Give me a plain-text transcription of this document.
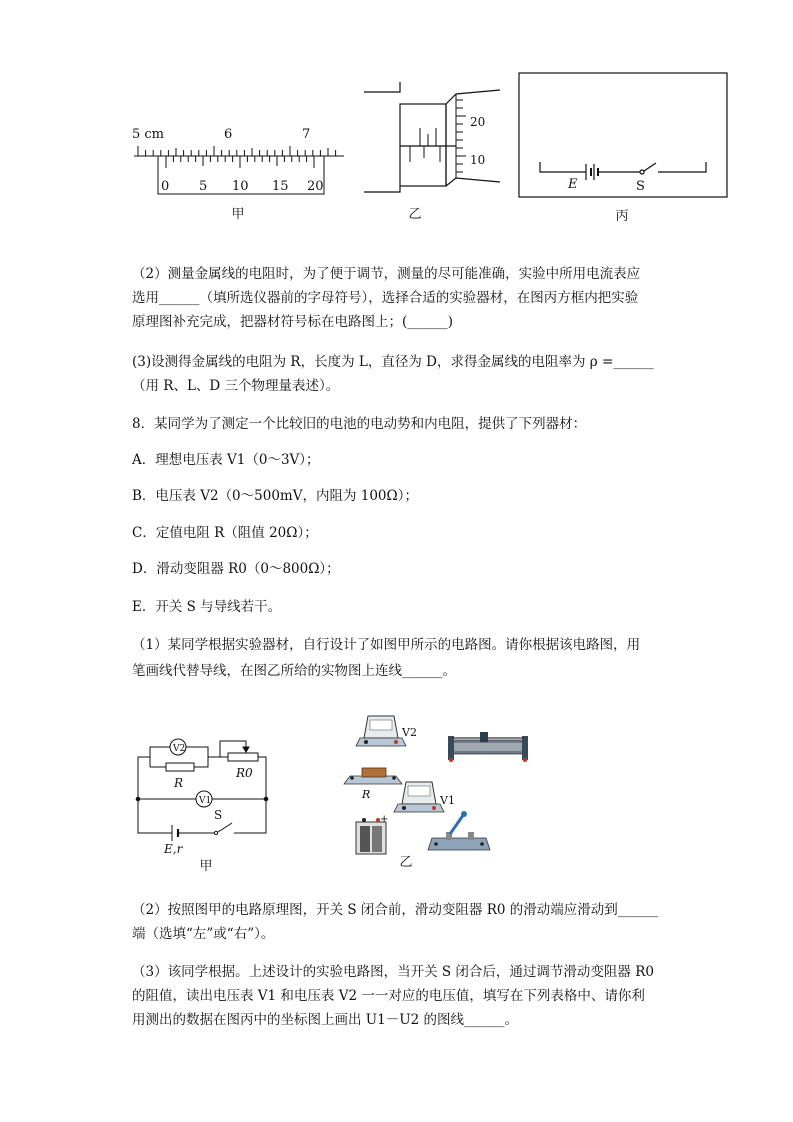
5 cm	6	7
0 5 10 15 20
甲
20
10
乙
E	S
丙
（2）测量金属线的电阻时，为了便于调节，测量的尽可能准确，实验中所用电流表应
选用______（填所选仪器前的字母符号），选择合适的实验器材，在图丙方框内把实验
原理图补充完成，把器材符号标在电路图上；(______)
(3)设测得金属线的电阻为 R，长度为 L，直径为 D，求得金属线的电阻率为 ρ =______
（用 R、L、D 三个物理量表述）。
8．某同学为了测定一个比较旧的电池的电动势和内电阻，提供了下列器材：
A．理想电压表 V1（0～3V）；
B．电压表 V2（0～500mV，内阻为 100Ω）；
C．定值电阻 R（阻值 20Ω）；
D．滑动变阻器 R0（0～800Ω）；
E．开关 S 与导线若干。
（1）某同学根据实验器材，自行设计了如图甲所示的电路图。请你根据该电路图，用
笔画线代替导线，在图乙所给的实物图上连线______。
V2
R
R0
V1
S
E,r
甲
V2
R	V1
+
乙
（2）按照图甲的电路原理图，开关 S 闭合前，滑动变阻器 R0 的滑动端应滑动到______
端（选填“左”或“右”）。
（3）该同学根据。上述设计的实验电路图，当开关 S 闭合后，通过调节滑动变阻器 R0
的阻值，读出电压表 V1 和电压表 V2 一一对应的电压值，填写在下列表格中、请你利
用测出的数据在图丙中的坐标图上画出 U1－U2 的图线______。
